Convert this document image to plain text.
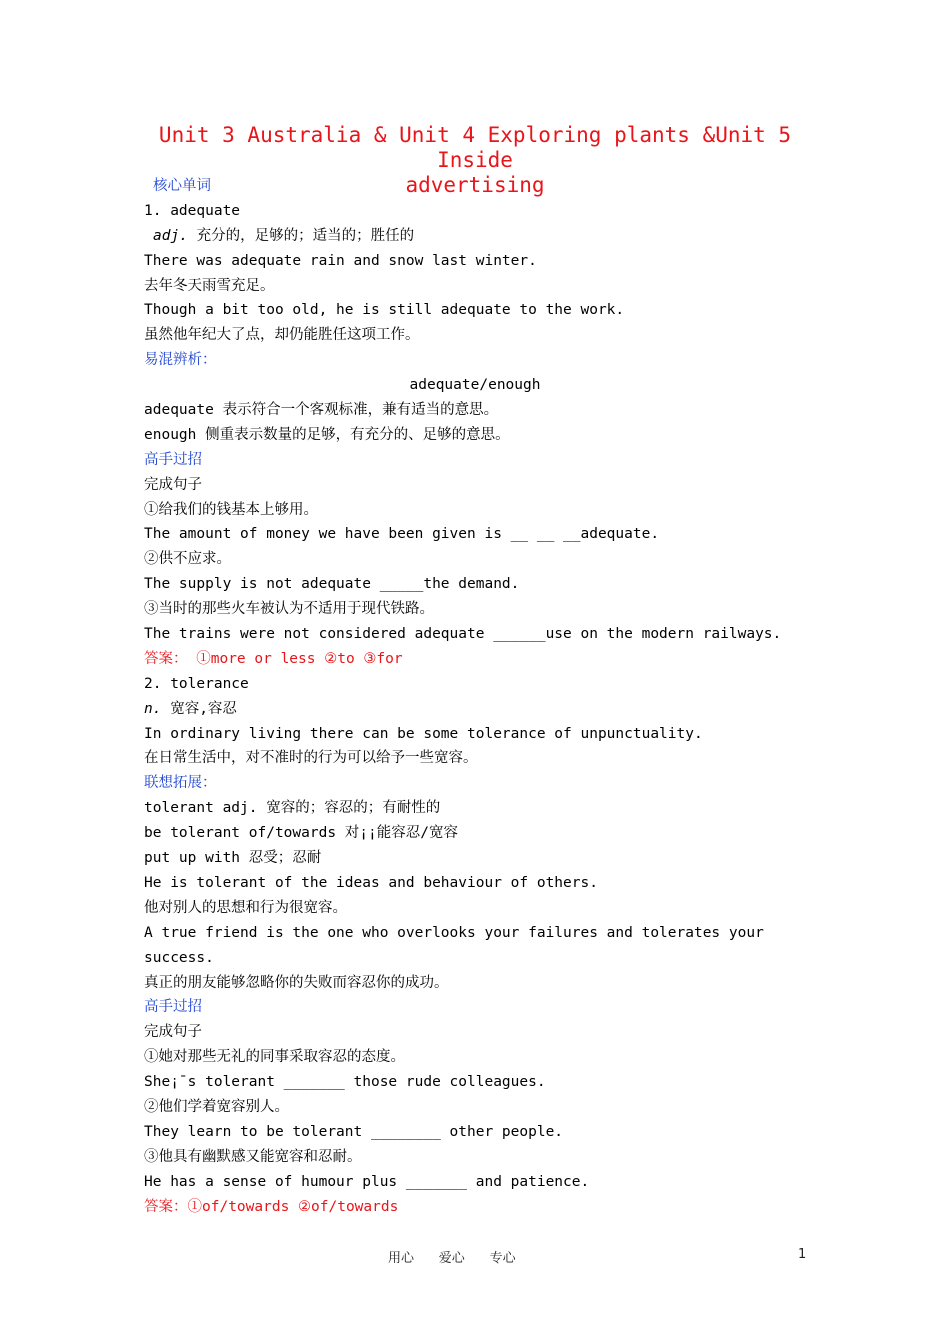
Unit 3 Australia & Unit 4 Exploring plants &Unit 5 Inside
advertising
核心单词
1. adequate
adj. 充分的，足够的；适当的；胜任的
There was adequate rain and snow last winter.
去年冬天雨雪充足。
Though a bit too old, he is still adequate to the work.
虽然他年纪大了点，却仍能胜任这项工作。
易混辨析：
adequate/enough
adequate 表示符合一个客观标准，兼有适当的意思。
enough 侧重表示数量的足够，有充分的、足够的意思。
高手过招
完成句子
①给我们的钱基本上够用。
The amount of money we have been given is __ __ __adequate.
②供不应求。
The supply is not adequate _____the demand.
③当时的那些火车被认为不适用于现代铁路。
The trains were not considered adequate ______use on the modern railways.
答案： ①more or less ②to ③for
2. tolerance
n. 宽容,容忍
In ordinary living there can be some tolerance of unpunctuality.
在日常生活中，对不准时的行为可以给予一些宽容。
联想拓展：
tolerant adj. 宽容的；容忍的；有耐性的
be tolerant of/towards 对¡¡能容忍/宽容
put up with 忍受；忍耐
He is tolerant of the ideas and behaviour of others.
他对别人的思想和行为很宽容。
A true friend is the one who overlooks your failures and tolerates your
success.
真正的朋友能够忽略你的失败而容忍你的成功。
高手过招
完成句子
①她对那些无礼的同事采取容忍的态度。
She¡¯s tolerant _______ those rude colleagues.
②他们学着宽容别人。
They learn to be tolerant ________ other people.
③他具有幽默感又能宽容和忍耐。
He has a sense of humour plus _______ and patience.
答案：①of/towards ②of/towards
用心      爱心      专心	1
